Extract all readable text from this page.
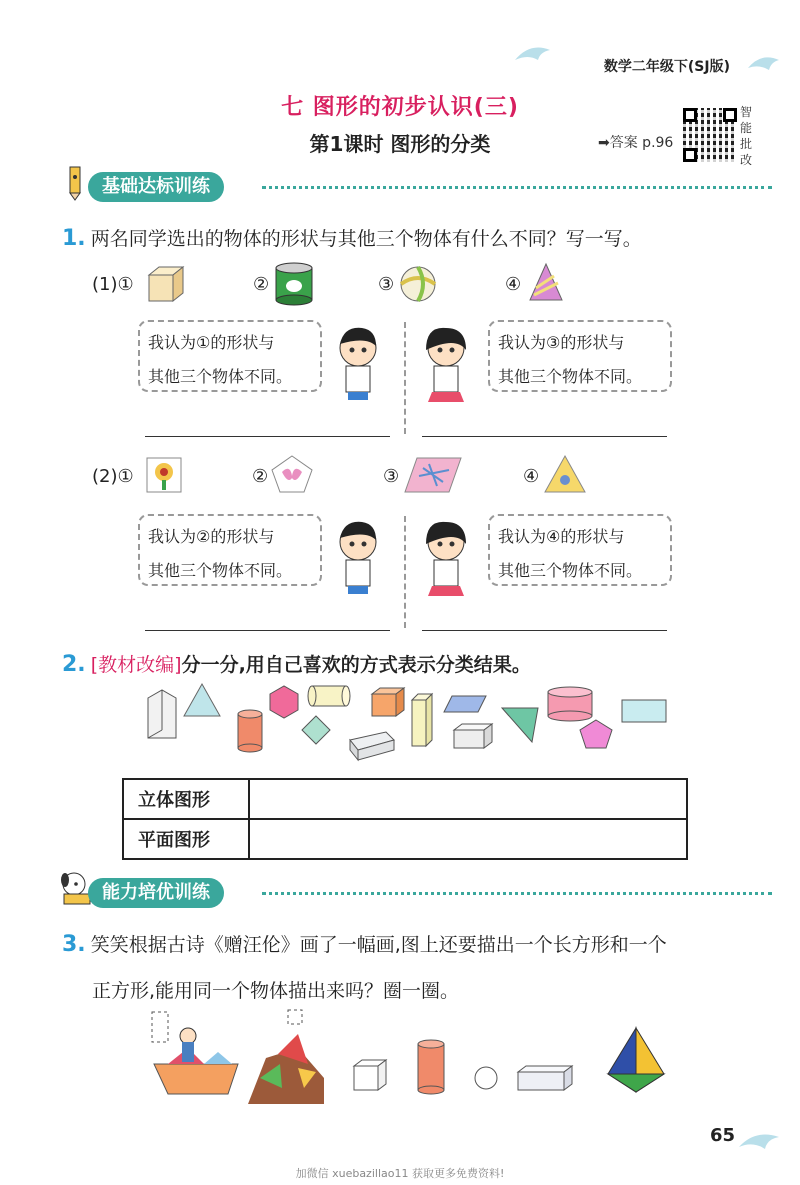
数学二年级下(SJ版)
七 图形的初步认识(三)
第1课时 图形的分类	➡答案 p.96
智能批改
基础达标训练
1. 两名同学选出的物体的形状与其他三个物体有什么不同？写一写。
(1)①	②	③	④
我认为①的形状与
其他三个物体不同。
我认为③的形状与
其他三个物体不同。
(2)①	②	③	④
我认为②的形状与
其他三个物体不同。
我认为④的形状与
其他三个物体不同。
2. [教材改编]分一分,用自己喜欢的方式表示分类结果。
立体图形	
平面图形	
能力培优训练
3. 笑笑根据古诗《赠汪伦》画了一幅画,图上还要描出一个长方形和一个
正方形,能用同一个物体描出来吗？圈一圈。
65
加微信 xuebazillao11 获取更多免费资料!
